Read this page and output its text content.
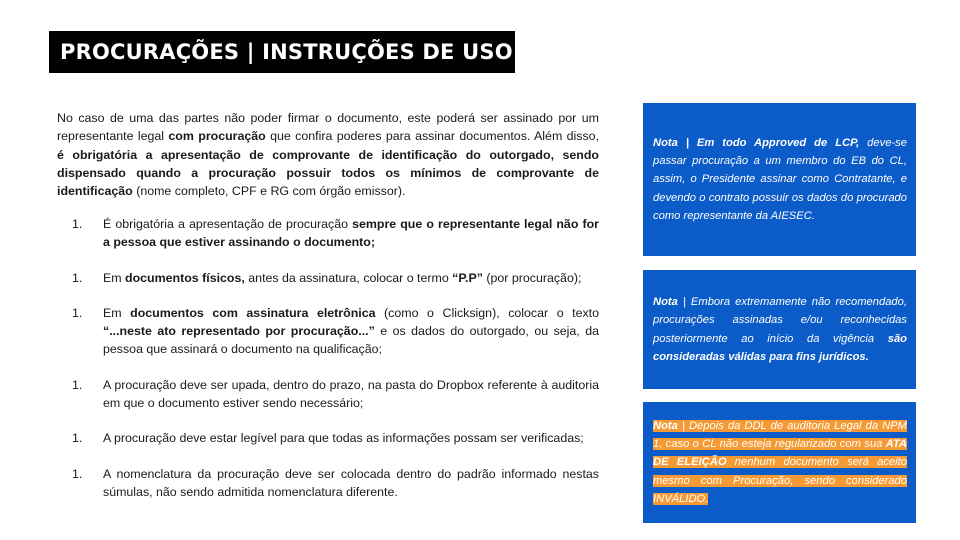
PROCURAÇÕES | INSTRUÇÕES DE USO

No caso de uma das partes não poder firmar o documento, este poderá ser assinado por um representante legal com procuração que confira poderes para assinar documentos. Além disso, é obrigatória a apresentação de comprovante de identificação do outorgado, sendo dispensado quando a procuração possuir todos os mínimos de comprovante de identificação (nome completo, CPF e RG com órgão emissor).

1.	É obrigatória a apresentação de procuração sempre que o representante legal não for a pessoa que estiver assinando o documento;
1.	Em documentos físicos, antes da assinatura, colocar o termo “P.P” (por procuração);
1.	Em documentos com assinatura eletrônica (como o Clicksign), colocar o texto “...neste ato representado por procuração...” e os dados do outorgado, ou seja, da pessoa que assinará o documento na qualificação;
1.	A procuração deve ser upada, dentro do prazo, na pasta do Dropbox referente à auditoria em que o documento estiver sendo necessário;
1.	A procuração deve estar legível para que todas as informações possam ser verificadas;
1.	A nomenclatura da procuração deve ser colocada dentro do padrão informado nestas súmulas, não sendo admitida nomenclatura diferente.

Nota | Em todo Approved de LCP, deve-se passar procuração a um membro do EB do CL, assim, o Presidente assinar como Contratante, e devendo o contrato possuir os dados do procurado como representante da AIESEC.

Nota | Embora extremamente não recomendado, procurações assinadas e/ou reconhecidas posteriormente ao início da vigência são consideradas válidas para fins jurídicos.

Nota | Depois da DDL de auditoria Legal da NPM 1, caso o CL não esteja regularizado com sua ATA DE ELEIÇÃO nenhum documento será aceito mesmo com Procuração, sendo considerado INVÁLIDO.
